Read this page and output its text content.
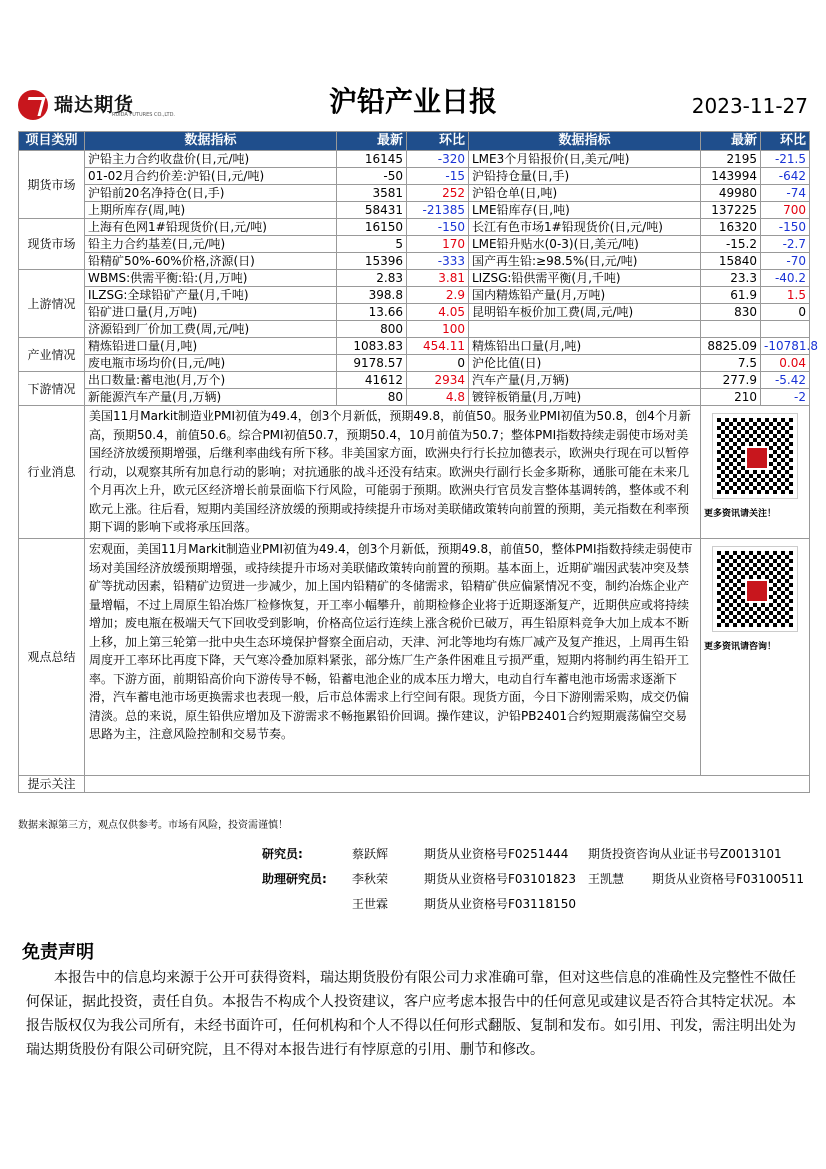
瑞达期货
RUIDA FUTURES CO.,LTD.	沪铅产业日报	2023-11-27
项目类别	数据指标	最新	环比	数据指标	最新	环比
期货市场	沪铅主力合约收盘价(日,元/吨)	16145	-320	LME3个月铅报价(日,美元/吨)	2195	-21.5
	01-02月合约价差:沪铅(日,元/吨)	-50	-15	沪铅持仓量(日,手)	143994	-642
	沪铅前20名净持仓(日,手)	3581	252	沪铅仓单(日,吨)	49980	-74
	上期所库存(周,吨)	58431	-21385	LME铅库存(日,吨)	137225	700
现货市场	上海有色网1#铅现货价(日,元/吨)	16150	-150	长江有色市场1#铅现货价(日,元/吨)	16320	-150
	铅主力合约基差(日,元/吨)	5	170	LME铅升贴水(0-3)(日,美元/吨)	-15.2	-2.7
	铅精矿50%-60%价格,济源(日)	15396	-333	国产再生铅:≥98.5%(日,元/吨)	15840	-70
上游情况	WBMS:供需平衡:铅:(月,万吨)	2.83	3.81	LIZSG:铅供需平衡(月,千吨)	23.3	-40.2
	ILZSG:全球铅矿产量(月,千吨)	398.8	2.9	国内精炼铅产量(月,万吨)	61.9	1.5
	铅矿进口量(月,万吨)	13.66	4.05	昆明铅车板价加工费(周,元/吨)	830	0
	济源铅到厂价加工费(周,元/吨)	800	100			
产业情况	精炼铅进口量(月,吨)	1083.83	454.11	精炼铅出口量(月,吨)	8825.09	-10781.8
	废电瓶市场均价(日,元/吨)	9178.57	0	沪伦比值(日)	7.5	0.04
下游情况	出口数量:蓄电池(月,万个)	41612	2934	汽车产量(月,万辆)	277.9	-5.42
	新能源汽车产量(月,万辆)	80	4.8	镀锌板销量(月,万吨)	210	-2
行业消息	美国11月Markit制造业PMI初值为49.4，创3个月新低，预期49.8，前值50。服务业PMI初值为50.8，创4个月新高，预期50.4，前值50.6。综合PMI初值50.7，预期50.4，10月前值为50.7；整体PMI指数持续走弱使市场对美国经济放缓预期增强，后继利率曲线有所下移。非美国家方面，欧洲央行行长拉加德表示，欧洲央行现在可以暂停行动，以观察其所有加息行动的影响；对抗通胀的战斗还没有结束。欧洲央行副行长金多斯称，通胀可能在未来几个月再次上升，欧元区经济增长前景面临下行风险，可能弱于预期。欧洲央行官员发言整体基调转鸽，整体或不利欧元上涨。往后看，短期内美国经济放缓的预期或持续提升市场对美联储政策转向前置的预期，美元指数在利率预期下调的影响下或将承压回落。				更多资讯请关注！	

观点总结	宏观面，美国11月Markit制造业PMI初值为49.4，创3个月新低，预期49.8，前值50，整体PMI指数持续走弱使市场对美国经济放缓预期增强，或持续提升市场对美联储政策转向前置的预期。基本面上，近期矿端因武装冲突及禁矿等扰动因素，铅精矿边贸进一步减少，加上国内铅精矿的冬储需求，铅精矿供应偏紧情况不变，制约冶炼企业产量增幅，不过上周原生铅冶炼厂检修恢复，开工率小幅攀升，前期检修企业将于近期逐渐复产，近期供应或将持续增加；废电瓶在极端天气下回收受到影响，价格高位运行连续上涨含税价已破万，再生铅原料竞争大加上成本不断上移，加上第三轮第一批中央生态环境保护督察全面启动，天津、河北等地均有炼厂减产及复产推迟，上周再生铅周度开工率环比再度下降，天气寒冷叠加原料紧张，部分炼厂生产条件困难且亏损严重，短期内将制约再生铅开工率。下游方面，前期铅高价向下游传导不畅，铅蓄电池企业的成本压力增大，电动自行车蓄电池市场需求逐渐下滑，汽车蓄电池市场更换需求也表现一般，后市总体需求上行空间有限。现货方面，今日下游刚需采购，成交仍偏清淡。总的来说，原生铅供应增加及下游需求不畅拖累铅价回调。操作建议，沪铅PB2401合约短期震荡偏空交易思路为主，注意风险控制和交易节奏。				更多资讯请咨询！	

提示关注						
数据来源第三方，观点仅供参考。市场有风险，投资需谨慎！
研究员:	蔡跃辉	期货从业资格号F0251444 期货投资咨询从业证书号Z0013101
助理研究员: 李秋荣	期货从业资格号F03101823 王凯慧 期货从业资格号F03100511
王世霖	期货从业资格号F03118150
免责声明
本报告中的信息均来源于公开可获得资料，瑞达期货股份有限公司力求准确可靠，但对这些信息的准确性及完整性不做任何保证，据此投资，责任自负。本报告不构成个人投资建议，客户应考虑本报告中的任何意见或建议是否符合其特定状况。本报告版权仅为我公司所有，未经书面许可，任何机构和个人不得以任何形式翻版、复制和发布。如引用、刊发，需注明出处为瑞达期货股份有限公司研究院，且不得对本报告进行有悖原意的引用、删节和修改。
